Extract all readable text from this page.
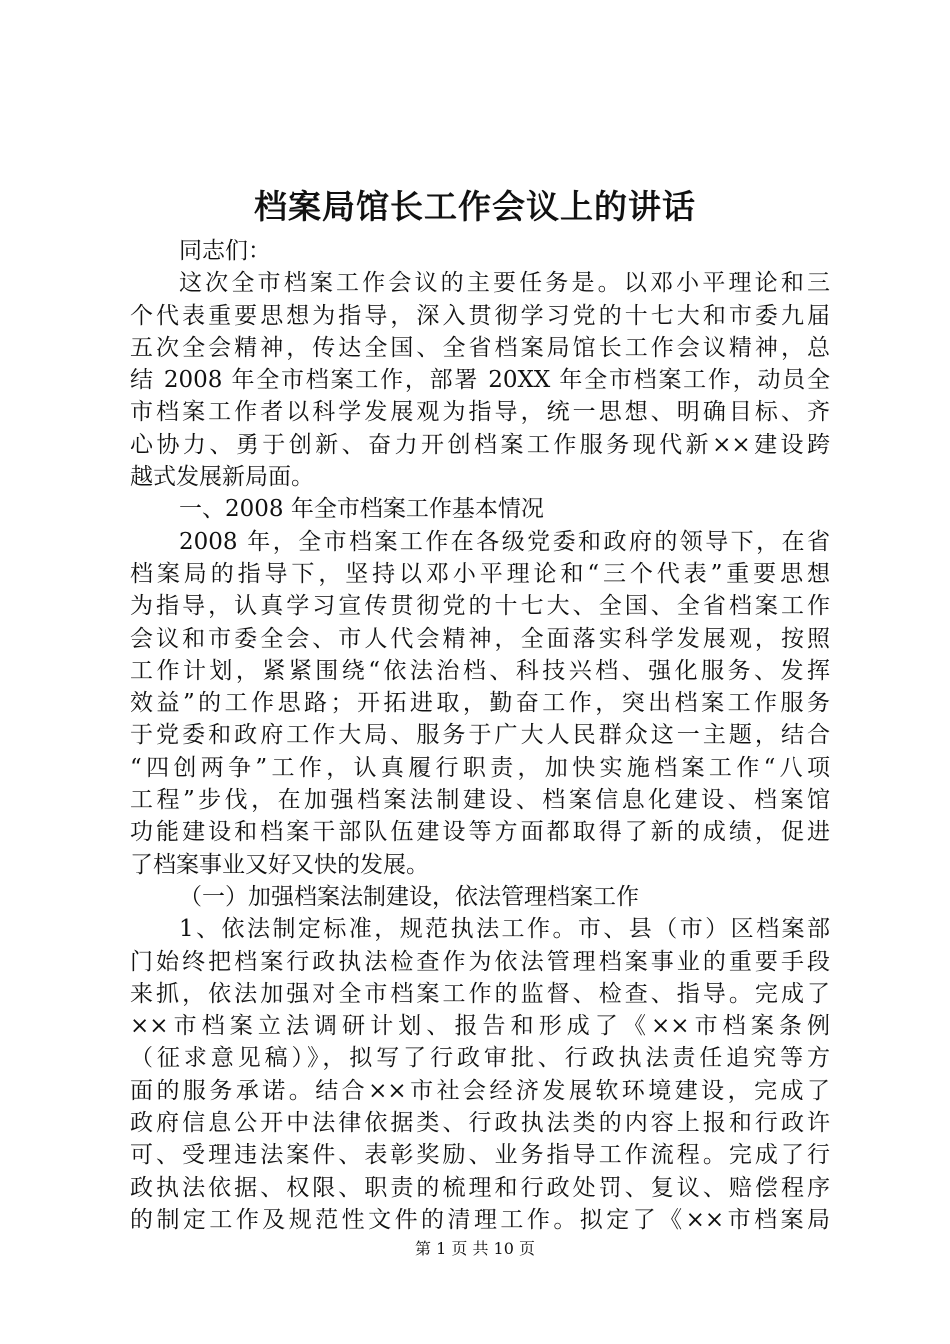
档案局馆长工作会议上的讲话
同志们：
这次全市档案工作会议的主要任务是。以邓小平理论和三
个代表重要思想为指导，深入贯彻学习党的十七大和市委九届
五次全会精神，传达全国、全省档案局馆长工作会议精神，总
结 2008 年全市档案工作，部署 20XX 年全市档案工作，动员全
市档案工作者以科学发展观为指导，统一思想、明确目标、齐
心协力、勇于创新、奋力开创档案工作服务现代新××建设跨
越式发展新局面。
一、2008 年全市档案工作基本情况
2008 年，全市档案工作在各级党委和政府的领导下，在省
档案局的指导下，坚持以邓小平理论和“三个代表”重要思想
为指导，认真学习宣传贯彻党的十七大、全国、全省档案工作
会议和市委全会、市人代会精神，全面落实科学发展观，按照
工作计划，紧紧围绕“依法治档、科技兴档、强化服务、发挥
效益”的工作思路；开拓进取，勤奋工作，突出档案工作服务
于党委和政府工作大局、服务于广大人民群众这一主题，结合
“四创两争”工作，认真履行职责，加快实施档案工作“八项
工程”步伐，在加强档案法制建设、档案信息化建设、档案馆
功能建设和档案干部队伍建设等方面都取得了新的成绩，促进
了档案事业又好又快的发展。
（一）加强档案法制建设，依法管理档案工作
1、依法制定标准，规范执法工作。市、县（市）区档案部
门始终把档案行政执法检查作为依法管理档案事业的重要手段
来抓，依法加强对全市档案工作的监督、检查、指导。完成了
××市档案立法调研计划、报告和形成了《××市档案条例
（征求意见稿）》，拟写了行政审批、行政执法责任追究等方
面的服务承诺。结合××市社会经济发展软环境建设，完成了
政府信息公开中法律依据类、行政执法类的内容上报和行政许
可、受理违法案件、表彰奖励、业务指导工作流程。完成了行
政执法依据、权限、职责的梳理和行政处罚、复议、赔偿程序
的制定工作及规范性文件的清理工作。拟定了《××市档案局
第 1 页 共 10 页
